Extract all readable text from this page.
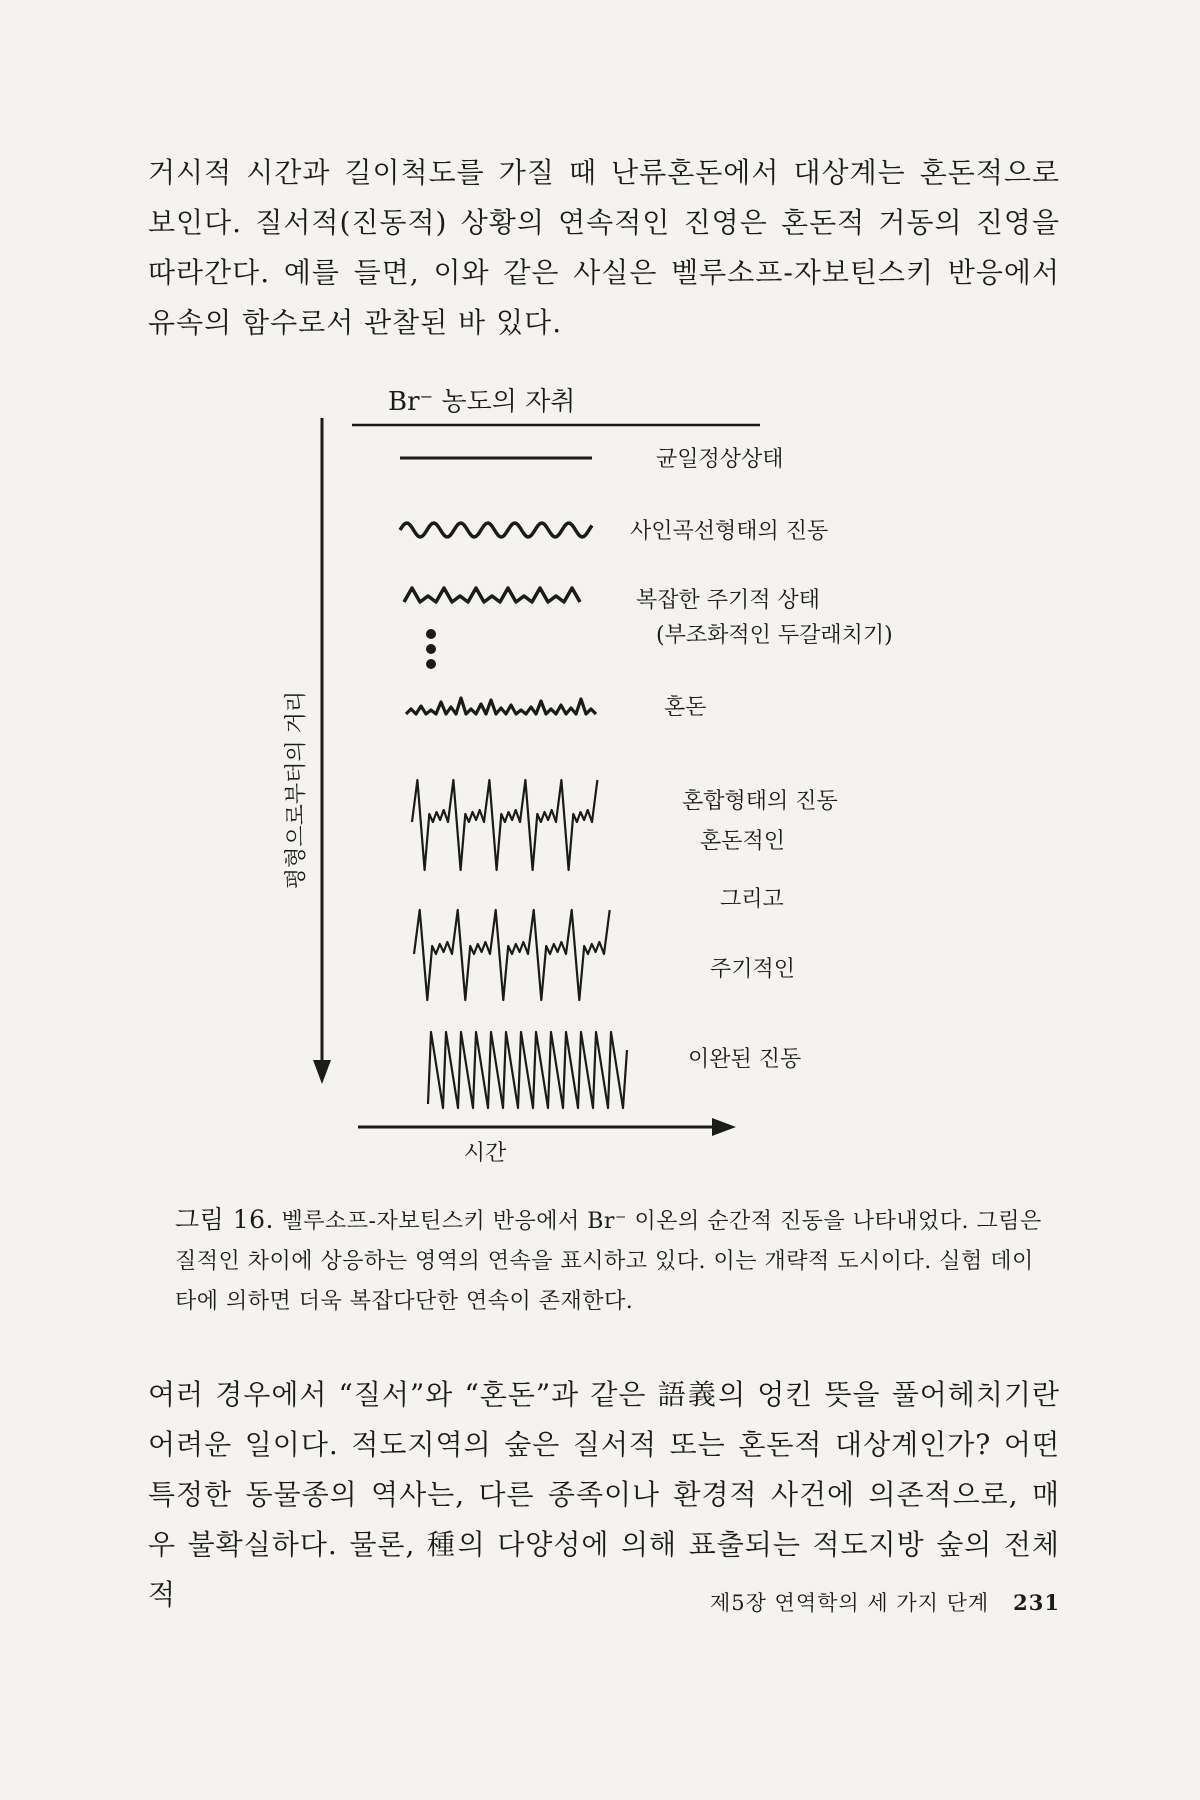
거시적 시간과 길이척도를 가질 때 난류혼돈에서 대상계는 혼돈적으로 보인다. 질서적(진동적) 상황의 연속적인 진영은 혼돈적 거동의 진영을 따라간다. 예를 들면, 이와 같은 사실은 벨루소프-자보틴스키 반응에서 유속의 함수로서 관찰된 바 있다.

Br⁻ 농도의 자취
평형으로부터의 거리
시간
균일정상상태
사인곡선형태의 진동
복잡한 주기적 상태
(부조화적인 두갈래치기)
혼돈
혼합형태의 진동
혼돈적인
그리고
주기적인
이완된 진동

그림 16. 벨루소프-자보틴스키 반응에서 Br⁻ 이온의 순간적 진동을 나타내었다. 그림은 질적인 차이에 상응하는 영역의 연속을 표시하고 있다. 이는 개략적 도시이다. 실험 데이타에 의하면 더욱 복잡다단한 연속이 존재한다.

여러 경우에서 “질서”와 “혼돈”과 같은 語義의 엉킨 뜻을 풀어헤치기란 어려운 일이다. 적도지역의 숲은 질서적 또는 혼돈적 대상계인가? 어떤 특정한 동물종의 역사는, 다른 종족이나 환경적 사건에 의존적으로, 매우 불확실하다. 물론, 種의 다양성에 의해 표출되는 적도지방 숲의 전체적	제5장 연역학의 세 가지 단계 231
